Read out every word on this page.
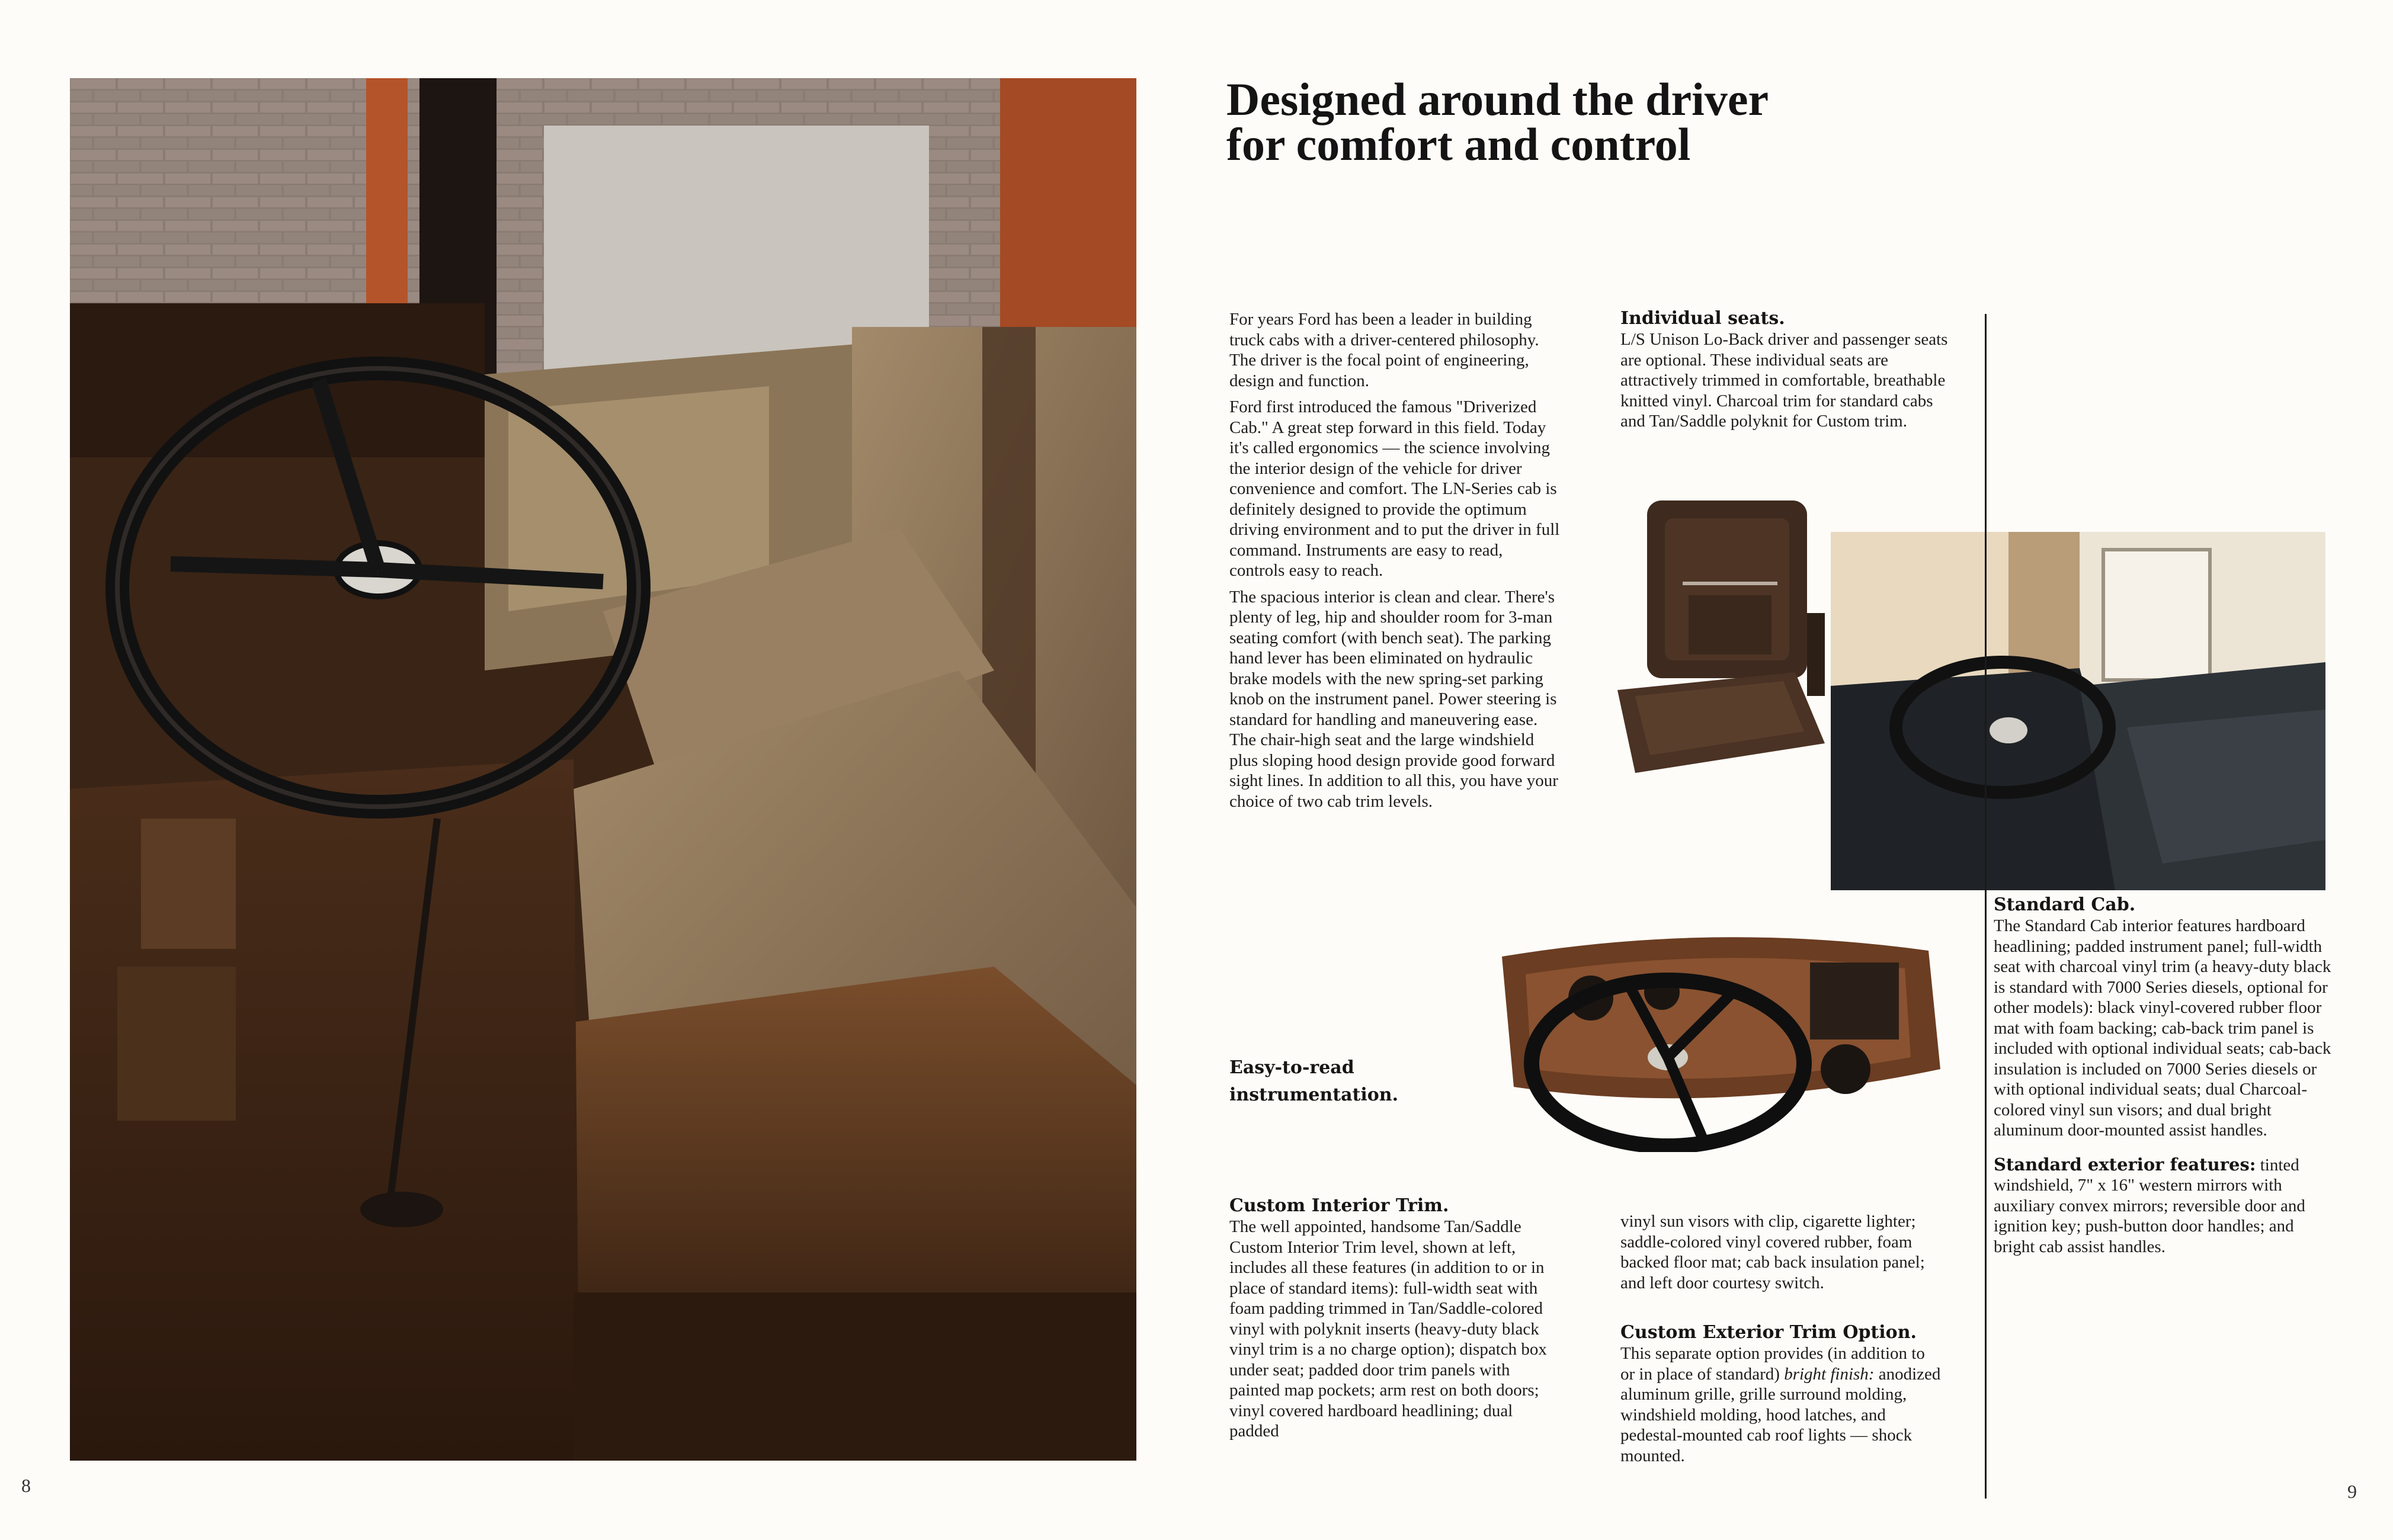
Designed around the driver
for comfort and control

For years Ford has been a leader in building truck cabs with a driver-centered philosophy. The driver is the focal point of engineering, design and function.

Ford first introduced the famous "Driverized Cab." A great step forward in this field. Today it's called ergonomics — the science involving the interior design of the vehicle for driver convenience and comfort. The LN-Series cab is definitely designed to provide the optimum driving environment and to put the driver in full command. Instruments are easy to read, controls easy to reach.

The spacious interior is clean and clear. There's plenty of leg, hip and shoulder room for 3-man seating comfort (with bench seat). The parking hand lever has been eliminated on hydraulic brake models with the new spring-set parking knob on the instrument panel. Power steering is standard for handling and maneuvering ease. The chair-high seat and the large windshield plus sloping hood design provide good forward sight lines. In addition to all this, you have your choice of two cab trim levels.

Individual seats.
L/S Unison Lo-Back driver and passenger seats are optional. These individual seats are attractively trimmed in comfortable, breathable knitted vinyl. Charcoal trim for standard cabs and Tan/Saddle polyknit for Custom trim.
Standard Cab.
The Standard Cab interior features hardboard headlining; padded instrument panel; full-width seat with charcoal vinyl trim (a heavy-duty black is standard with 7000 Series diesels, optional for other models): black vinyl-covered rubber floor mat with foam backing; cab-back trim panel is included with optional individual seats; cab-back insulation is included on 7000 Series diesels or with optional individual seats; dual Charcoal-colored vinyl sun visors; and dual bright aluminum door-mounted assist handles.
Standard exterior features: tinted windshield, 7" x 16" western mirrors with auxiliary convex mirrors; reversible door and ignition key; push-button door handles; and bright cab assist handles.
Easy-to-read
instrumentation.
Custom Interior Trim.
The well appointed, handsome Tan/Saddle Custom Interior Trim level, shown at left, includes all these features (in addition to or in place of standard items): full-width seat with foam padding trimmed in Tan/Saddle-colored vinyl with polyknit inserts (heavy-duty black vinyl trim is a no charge option); dispatch box under seat; padded door trim panels with painted map pockets; arm rest on both doors; vinyl covered hardboard headlining; dual padded
vinyl sun visors with clip, cigarette lighter; saddle-colored vinyl covered rubber, foam backed floor mat; cab back insulation panel; and left door courtesy switch.
Custom Exterior Trim Option.
This separate option provides (in addition to or in place of standard) bright finish: anodized aluminum grille, grille surround molding, windshield molding, hood latches, and pedestal-mounted cab roof lights — shock mounted.
8	9
